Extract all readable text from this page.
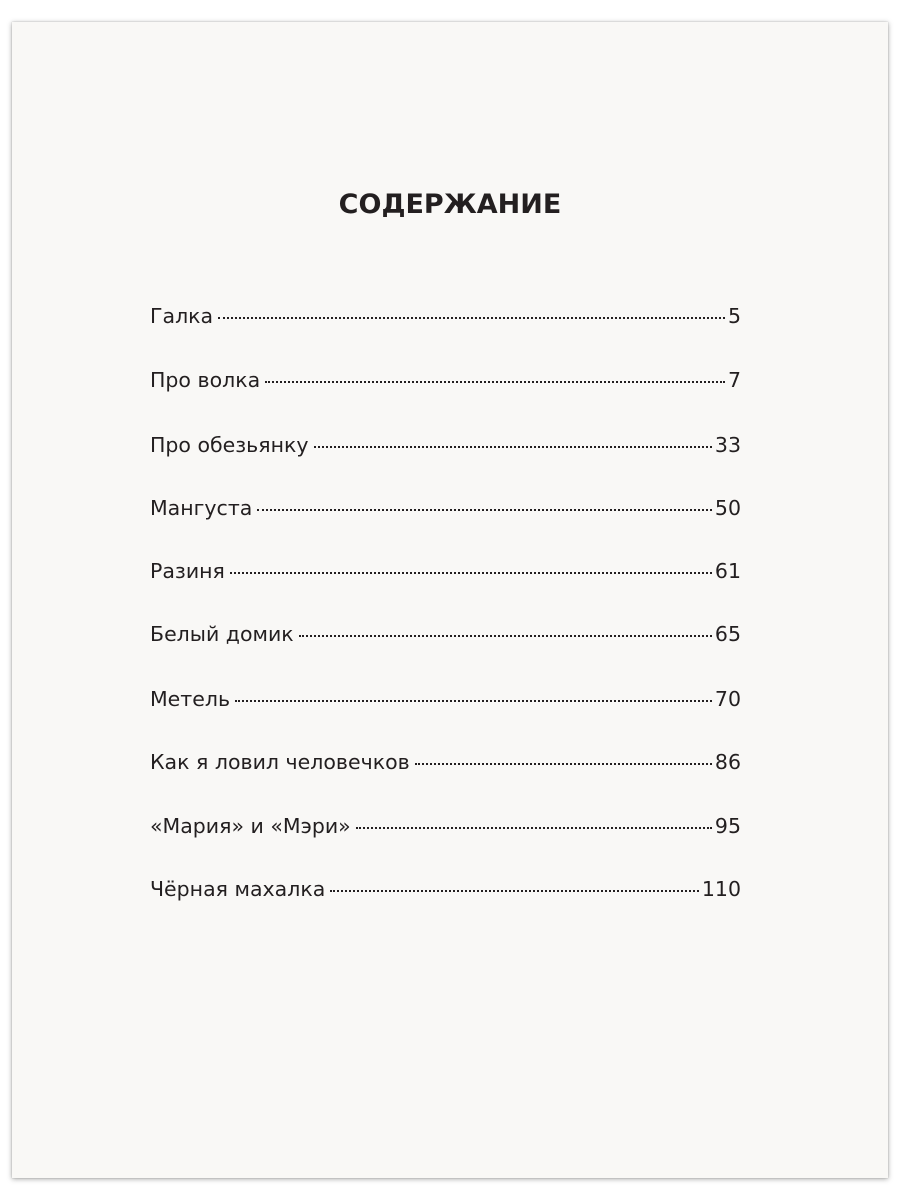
СОДЕРЖАНИЕ
Галка	5
Про волка	7
Про обезьянку	33
Мангуста	50
Разиня	61
Белый домик	65
Метель	70
Как я ловил человечков	86
«Мария» и «Мэри»	95
Чёрная махалка	110
